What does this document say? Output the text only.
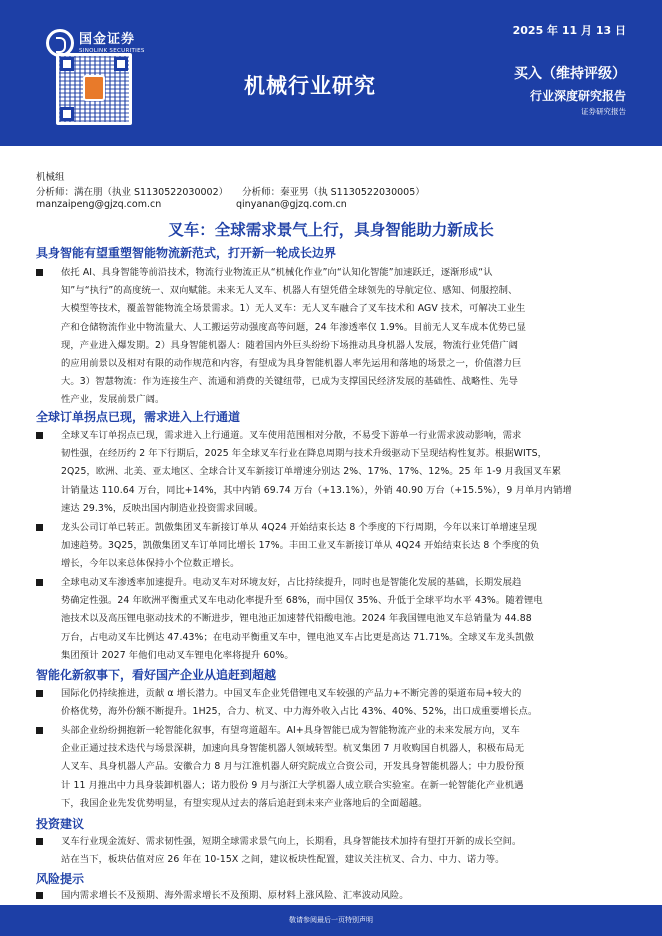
国金证券
SINOLINK SECURITIES
机械行业研究
2025 年 11 月 13 日
买入（维持评级）
行业深度研究报告
证券研究报告
机械组
分析师：满在朋（执业 S1130522030002） 分析师：秦亚男（执 S1130522030005）
manzaipeng@gjzq.com.cn	qinyanan@gjzq.com.cn
叉车：全球需求景气上行，具身智能助力新成长
具身智能有望重塑智能物流新范式，打开新一轮成长边界
依托 AI、具身智能等前沿技术，物流行业物流正从“机械化作业”向“认知化智能”加速跃迁，逐渐形成“认
知”与“执行”的高度统一、双向赋能。未来无人叉车、机器人有望凭借全球领先的导航定位、感知、伺服控制、
大模型等技术，覆盖智能物流全场景需求。1）无人叉车：无人叉车融合了叉车技术和 AGV 技术，可解决工业生
产和仓储物流作业中物流量大、人工搬运劳动强度高等问题，24 年渗透率仅 1.9%。目前无人叉车成本优势已显
现，产业进入爆发期。2）具身智能机器人：随着国内外巨头纷纷下场推动具身机器人发展，物流行业凭借广阔
的应用前景以及相对有限的动作规范和内容，有望成为具身智能机器人率先运用和落地的场景之一，价值潜力巨
大。3）智慧物流：作为连接生产、流通和消费的关键纽带，已成为支撑国民经济发展的基础性、战略性、先导
性产业，发展前景广阔。
全球订单拐点已现，需求进入上行通道
全球叉车订单拐点已现，需求进入上行通道。叉车使用范围相对分散，不易受下游单一行业需求波动影响，需求
韧性强，在经历约 2 年下行期后，2025 年全球叉车行业在降息周期与技术升级驱动下呈现结构性复苏。根据WITS，
2Q25，欧洲、北美、亚太地区、全球合计叉车新接订单增速分别达 2%、17%、17%、12%。25 年 1-9 月我国叉车累
计销量达 110.64 万台，同比+14%，其中内销 69.74 万台（+13.1%），外销 40.90 万台（+15.5%），9 月单月内销增
速达 29.3%，反映出国内制造业投资需求回暖。
龙头公司订单已转正。凯傲集团叉车新接订单从 4Q24 开始结束长达 8 个季度的下行周期，今年以来订单增速呈现
加速趋势。3Q25，凯傲集团叉车订单同比增长 17%。丰田工业叉车新接订单从 4Q24 开始结束长达 8 个季度的负
增长，今年以来总体保持小个位数正增长。
全球电动叉车渗透率加速提升。电动叉车对环境友好，占比持续提升，同时也是智能化发展的基础，长期发展趋
势确定性强。24 年欧洲平衡重式叉车电动化率提升至 68%，而中国仅 35%、升低于全球平均水平 43%。随着锂电
池技术以及高压锂电驱动技术的不断进步，锂电池正加速替代铅酸电池。2024 年我国锂电池叉车总销量为 44.88
万台，占电动叉车比例达 47.43%；在电动平衡重叉车中，锂电池叉车占比更是高达 71.71%。全球叉车龙头凯傲
集团预计 2027 年他们电动叉车锂电化率将提升 60%。
智能化新叙事下，看好国产企业从追赶到超越
国际化仍持续推进，贡献 α 增长潜力。中国叉车企业凭借锂电叉车较强的产品力+不断完善的渠道布局+较大的
价格优势，海外份额不断提升。1H25，合力、杭叉、中力海外收入占比 43%、40%、52%，出口成重要增长点。
头部企业纷纷拥抱新一轮智能化叙事，有望弯道超车。AI+具身智能已成为智能物流产业的未来发展方向，叉车
企业正通过技术迭代与场景深耕，加速向具身智能机器人领域转型。杭叉集团 7 月收购国自机器人，积极布局无
人叉车、具身机器人产品。安徽合力 8 月与江淮机器人研究院成立合资公司，开发具身智能机器人；中力股份预
计 11 月推出中力具身装卸机器人；诺力股份 9 月与浙江大学机器人成立联合实验室。在新一轮智能化产业机遇
下，我国企业先发优势明显，有望实现从过去的落后追赶到未来产业落地后的全面超越。
投资建议
叉车行业现金流好、需求韧性强，短期全球需求景气向上，长期看，具身智能技术加持有望打开新的成长空间。
站在当下，板块估值对应 26 年在 10-15X 之间，建议板块性配置，建议关注杭叉、合力、中力、诺力等。
风险提示
国内需求增长不及预期、海外需求增长不及预期、原材料上涨风险、汇率波动风险。
敬请参阅最后一页特别声明
